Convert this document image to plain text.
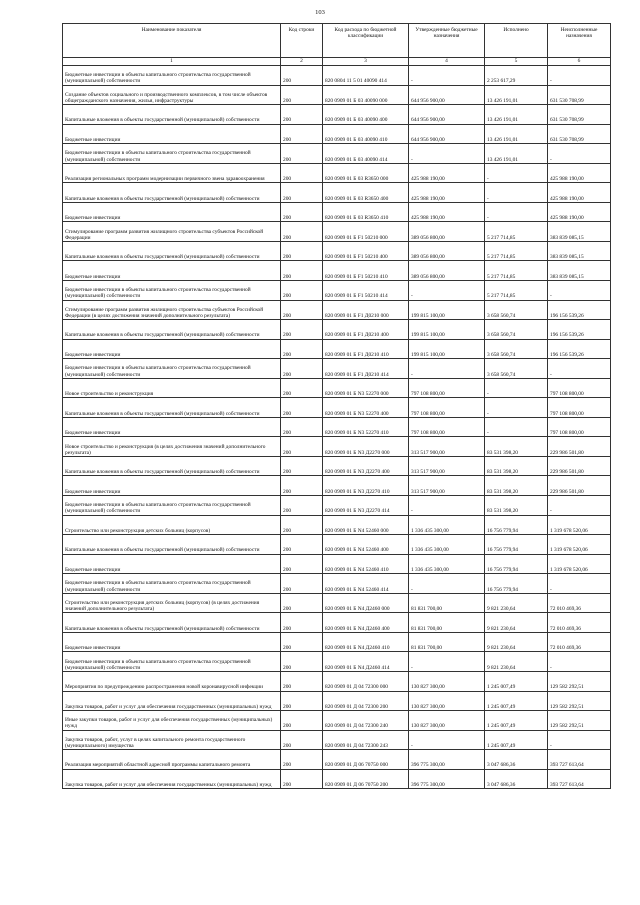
103
Наименование показателя	Код строки	Код расхода по бюджетной классификации	Утвержденные бюджетные назначения	Исполнено	Неисполненные назначения
1	2	3	4	5	6
Бюджетные инвестиции в объекты капитального строительства государственной (муниципальной) собственности	200	820 0804 11 5 01 40090 414	-	2 253 617,29	-
Создание объектов социального и производственного комплексов, в том числе объектов общегражданского назначения, жилья, инфраструктуры	200	820 0909 01 Б 03 40090 000	644 956 900,00	13 426 191,01	631 530 708,99
Капитальные вложения в объекты государственной (муниципальной) собственности	200	820 0909 01 Б 03 40090 400	644 956 900,00	13 426 191,01	631 530 708,99
Бюджетные инвестиции	200	820 0909 01 Б 03 40090 410	644 956 900,00	13 426 191,01	631 530 708,99
Бюджетные инвестиции в объекты капитального строительства государственной (муниципальной) собственности	200	820 0909 01 Б 03 40090 414	-	13 426 191,01	-
Реализация региональных программ модернизации первичного звена здравоохранения	200	820 0909 01 Б 03 R3650 000	425 988 190,00	-	425 988 190,00
Капитальные вложения в объекты государственной (муниципальной) собственности	200	820 0909 01 Б 03 R3650 400	425 988 190,00	-	425 988 190,00
Бюджетные инвестиции	200	820 0909 01 Б 03 R3650 410	425 988 190,00	-	425 988 190,00
Стимулирование программ развития жилищного строительства субъектов Российской Федерации	200	820 0909 01 Б F1 50210 000	389 056 800,00	5 217 714,85	383 839 085,15
Капитальные вложения в объекты государственной (муниципальной) собственности	200	820 0909 01 Б F1 50210 400	389 056 800,00	5 217 714,85	383 839 085,15
Бюджетные инвестиции	200	820 0909 01 Б F1 50210 410	389 056 800,00	5 217 714,85	383 839 085,15
Бюджетные инвестиции в объекты капитального строительства государственной (муниципальной) собственности	200	820 0909 01 Б F1 50210 414	-	5 217 714,85	-
Стимулирование программ развития жилищного строительства субъектов Российской Федерации (в целях достижения значений дополнительного результата)	200	820 0909 01 Б F1 Д0210 000	199 815 100,00	3 658 560,74	196 156 539,26
Капитальные вложения в объекты государственной (муниципальной) собственности	200	820 0909 01 Б F1 Д0210 400	199 815 100,00	3 658 560,74	196 156 539,26
Бюджетные инвестиции	200	820 0909 01 Б F1 Д0210 410	199 815 100,00	3 658 560,74	196 156 539,26
Бюджетные инвестиции в объекты капитального строительства государственной (муниципальной) собственности	200	820 0909 01 Б F1 Д0210 414	-	3 658 560,74	-
Новое строительство и реконструкция	200	820 0909 01 Б N3 52270 000	797 108 800,00	-	797 108 800,00
Капитальные вложения в объекты государственной (муниципальной) собственности	200	820 0909 01 Б N3 52270 400	797 108 800,00	-	797 108 800,00
Бюджетные инвестиции	200	820 0909 01 Б N3 52270 410	797 108 800,00	-	797 108 800,00
Новое строительство и реконструкция (в целях достижения значений дополнительного результата)	200	820 0909 01 Б N3 Д2270 000	313 517 900,00	83 531 398,20	229 986 501,80
Капитальные вложения в объекты государственной (муниципальной) собственности	200	820 0909 01 Б N3 Д2270 400	313 517 900,00	83 531 398,20	229 986 501,80
Бюджетные инвестиции	200	820 0909 01 Б N3 Д2270 410	313 517 900,00	83 531 398,20	229 986 501,80
Бюджетные инвестиции в объекты капитального строительства государственной (муниципальной) собственности	200	820 0909 01 Б N3 Д2270 414	-	83 531 398,20	-
Строительство или реконструкция детских больниц (корпусов)	200	820 0909 01 Б N4 52460 000	1 336 435 300,00	16 756 779,94	1 319 678 520,06
Капитальные вложения в объекты государственной (муниципальной) собственности	200	820 0909 01 Б N4 52460 400	1 336 435 300,00	16 756 779,94	1 319 678 520,06
Бюджетные инвестиции	200	820 0909 01 Б N4 52460 410	1 336 435 300,00	16 756 779,94	1 319 678 520,06
Бюджетные инвестиции в объекты капитального строительства государственной (муниципальной) собственности	200	820 0909 01 Б N4 52460 414	-	16 756 779,94	-
Строительство или реконструкция детских больниц (корпусов) (в целях достижения значений дополнительного результата)	200	820 0909 01 Б N4 Д2460 000	81 831 700,00	9 821 230,64	72 010 469,36
Капитальные вложения в объекты государственной (муниципальной) собственности	200	820 0909 01 Б N4 Д2460 400	81 831 700,00	9 821 230,64	72 010 469,36
Бюджетные инвестиции	200	820 0909 01 Б N4 Д2460 410	81 831 700,00	9 821 230,64	72 010 469,36
Бюджетные инвестиции в объекты капитального строительства государственной (муниципальной) собственности	200	820 0909 01 Б N4 Д2460 414	-	9 821 230,64	-
Мероприятия по предупреждению распространения новой коронавирусной инфекции	200	820 0909 01 Д 04 72300 000	130 827 300,00	1 245 007,49	129 582 292,51
Закупка товаров, работ и услуг для обеспечения государственных (муниципальных) нужд	200	820 0909 01 Д 04 72300 200	130 827 300,00	1 245 007,49	129 582 292,51
Иные закупки товаров, работ и услуг для обеспечения государственных (муниципальных) нужд	200	820 0909 01 Д 04 72300 240	130 827 300,00	1 245 007,49	129 582 292,51
Закупка товаров, работ, услуг в целях капитального ремонта государственного (муниципального) имущества	200	820 0909 01 Д 04 72300 243	-	1 245 007,49	-
Реализация мероприятий областной адресной программы капитального ремонта	200	820 0909 01 Д 06 70750 000	396 775 300,00	3 047 686,36	393 727 613,64
Закупка товаров, работ и услуг для обеспечения государственных (муниципальных) нужд	200	820 0909 01 Д 06 70750 200	396 775 300,00	3 047 686,36	393 727 613,64
